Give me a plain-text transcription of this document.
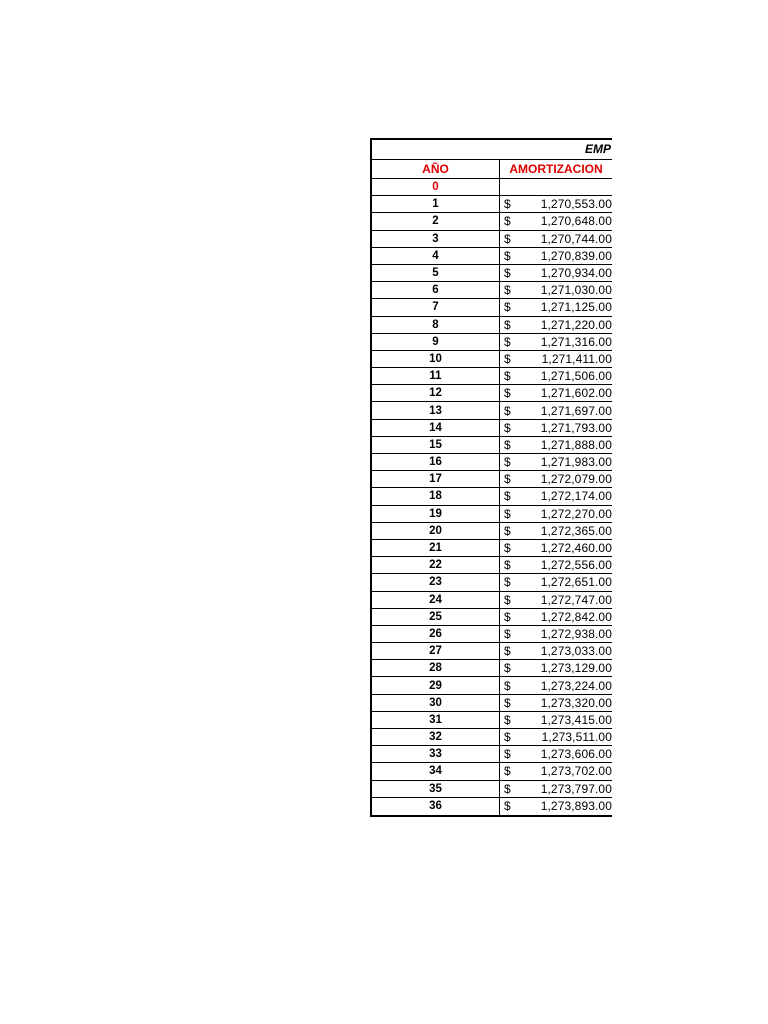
EMP
AÑO	AMORTIZACION
0
1	$	1,270,553.00
2	$	1,270,648.00
3	$	1,270,744.00
4	$	1,270,839.00
5	$	1,270,934.00
6	$	1,271,030.00
7	$	1,271,125.00
8	$	1,271,220.00
9	$	1,271,316.00
10	$	1,271,411.00
11	$	1,271,506.00
12	$	1,271,602.00
13	$	1,271,697.00
14	$	1,271,793.00
15	$	1,271,888.00
16	$	1,271,983.00
17	$	1,272,079.00
18	$	1,272,174.00
19	$	1,272,270.00
20	$	1,272,365.00
21	$	1,272,460.00
22	$	1,272,556.00
23	$	1,272,651.00
24	$	1,272,747.00
25	$	1,272,842.00
26	$	1,272,938.00
27	$	1,273,033.00
28	$	1,273,129.00
29	$	1,273,224.00
30	$	1,273,320.00
31	$	1,273,415.00
32	$	1,273,511.00
33	$	1,273,606.00
34	$	1,273,702.00
35	$	1,273,797.00
36	$	1,273,893.00
